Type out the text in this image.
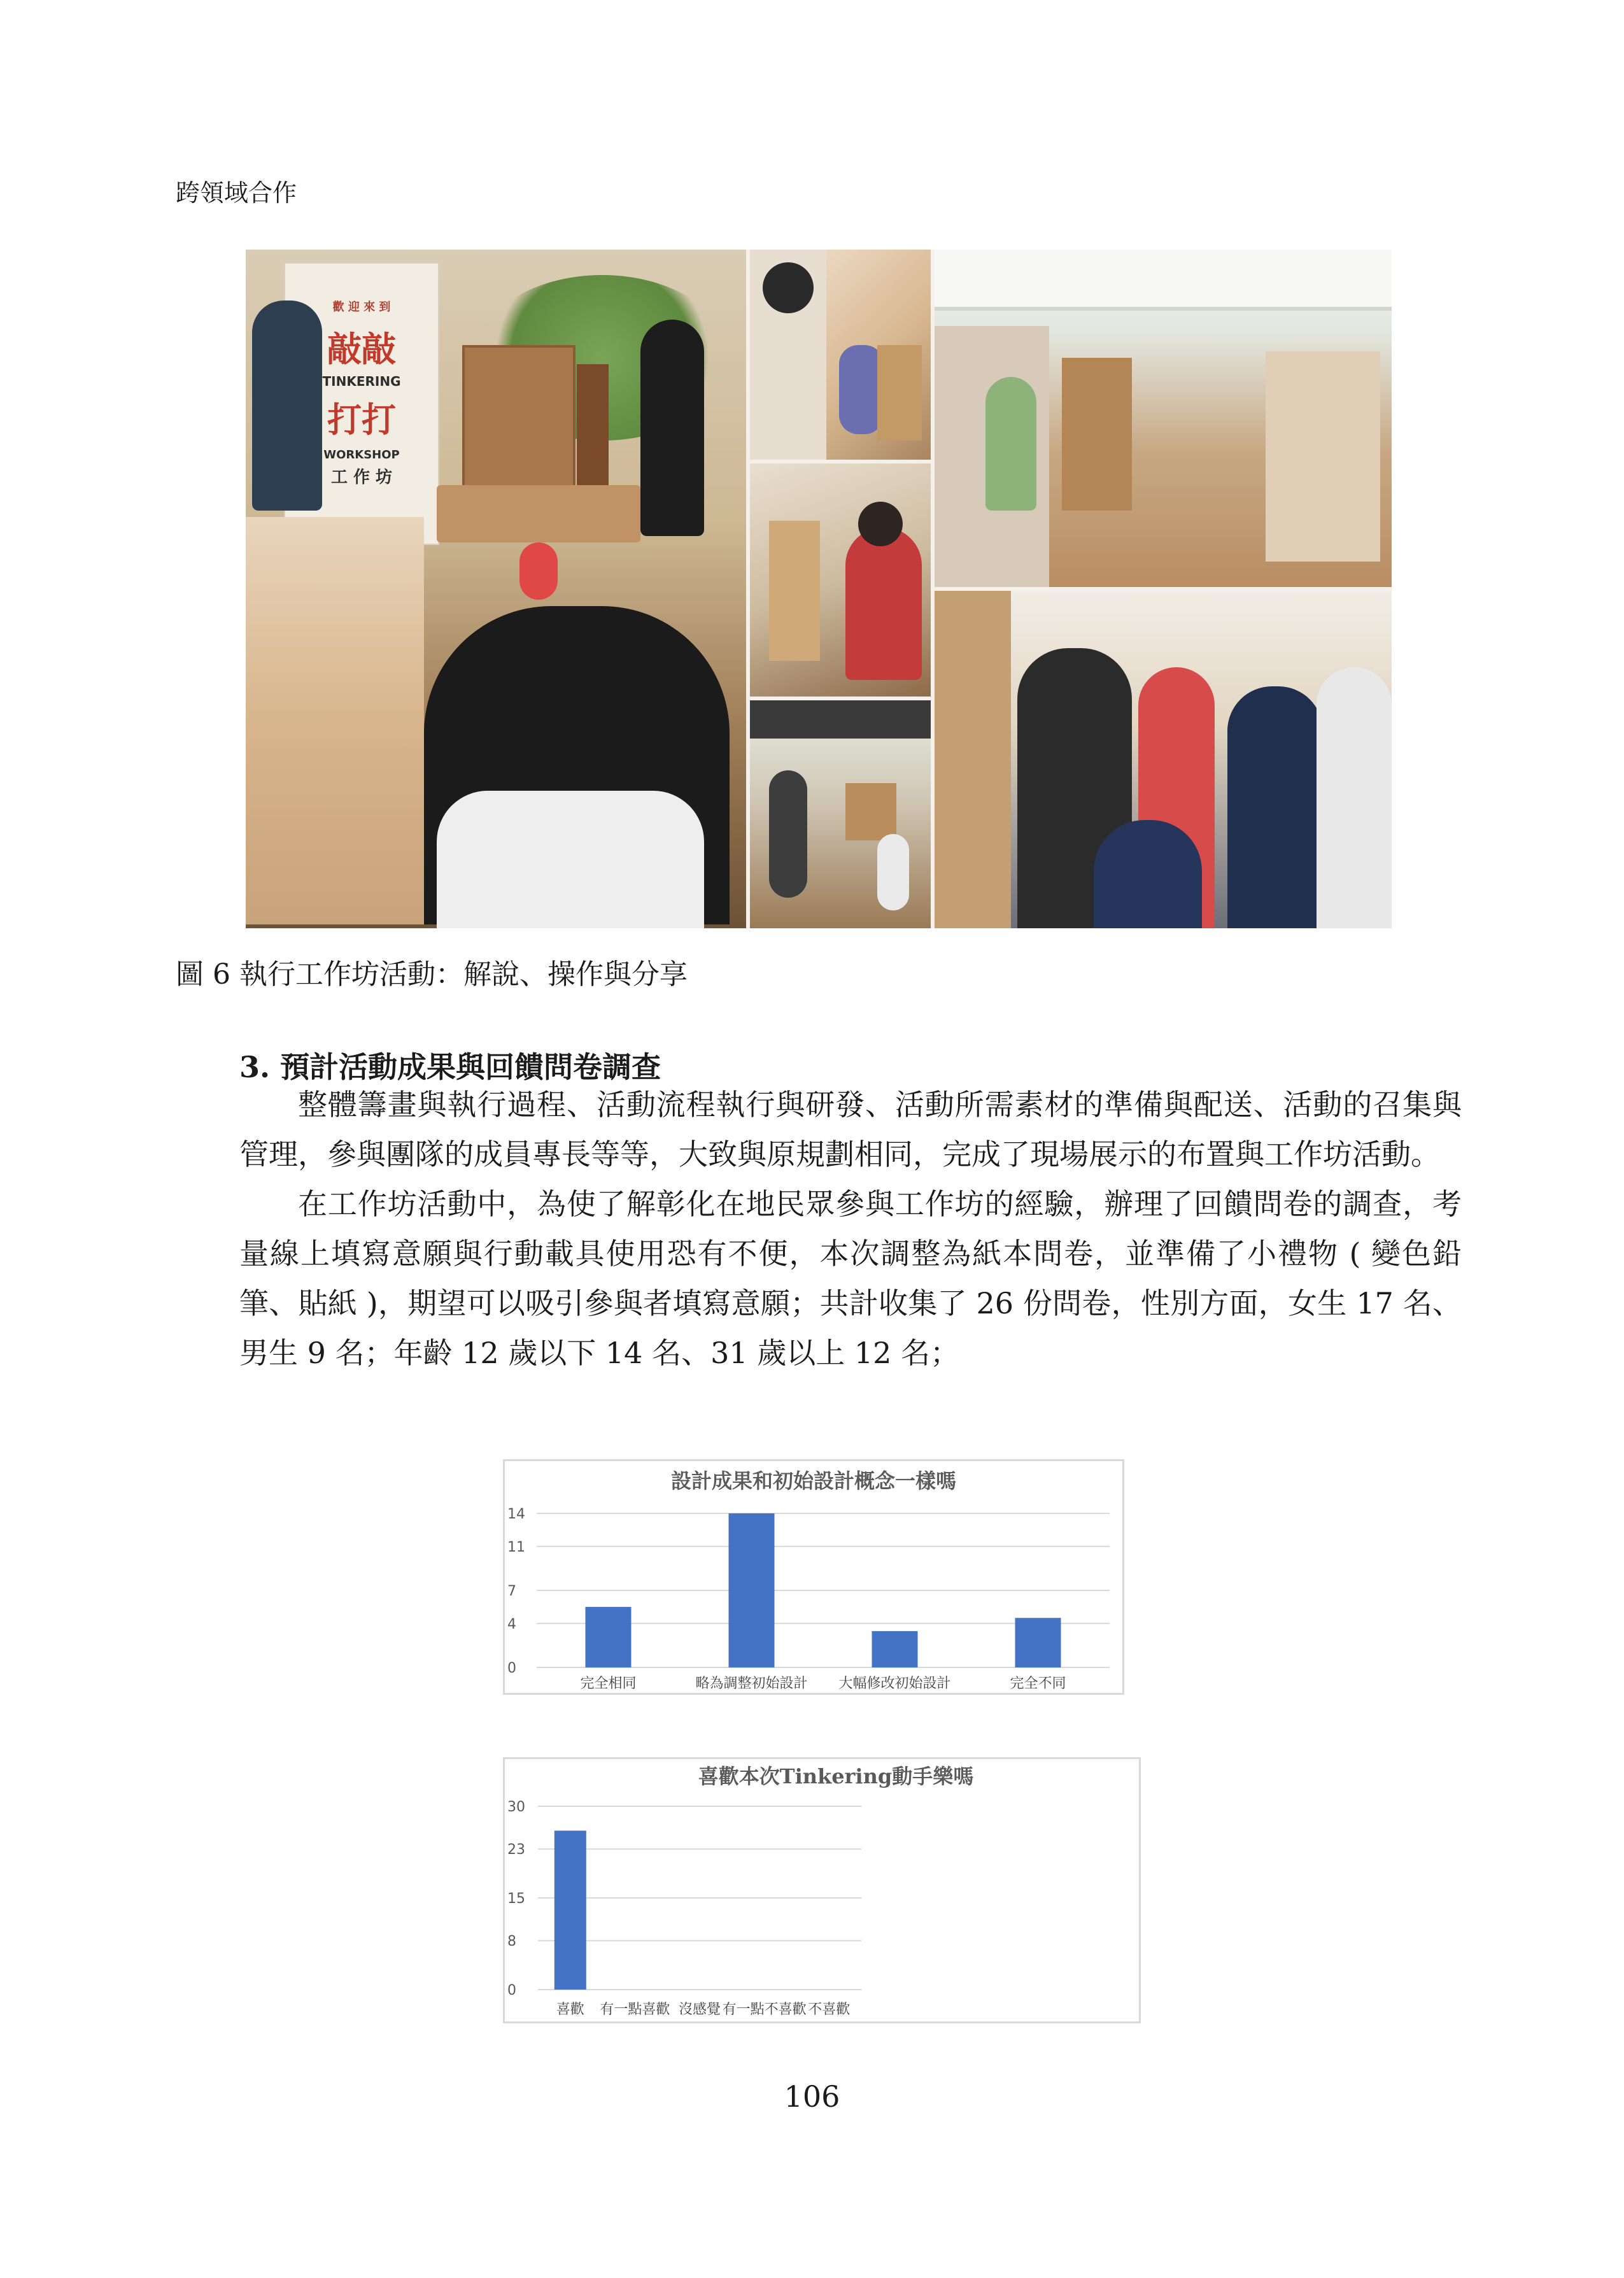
跨領域合作
歡 迎 來 到
敲敲
TINKERING
打打
WORKSHOP
工 作 坊
圖 6 執行工作坊活動：解說、操作與分享
3. 預計活動成果與回饋問卷調查

整體籌畫與執行過程、活動流程執行與研發、活動所需素材的準備與配送、活動的召集與管理，參與團隊的成員專長等等，大致與原規劃相同，完成了現場展示的布置與工作坊活動。

在工作坊活動中，為使了解彰化在地民眾參與工作坊的經驗，辦理了回饋問卷的調查，考量線上填寫意願與行動載具使用恐有不便，本次調整為紙本問卷，並準備了小禮物 ( 變色鉛筆、貼紙 )，期望可以吸引參與者填寫意願；共計收集了 26 份問卷，性別方面，女生 17 名、男生 9 名；年齡 12 歲以下 14 名、31 歲以上 12 名；

設計成果和初始設計概念一樣嗎
0
4
7
11
14
完全相同	略為調整初始設計 大幅修改初始設計	完全不同
喜歡本次Tinkering動手樂嗎
0
8
15
23
30
喜歡 有一點喜歡 沒感覺 有一點不喜歡 不喜歡
106
